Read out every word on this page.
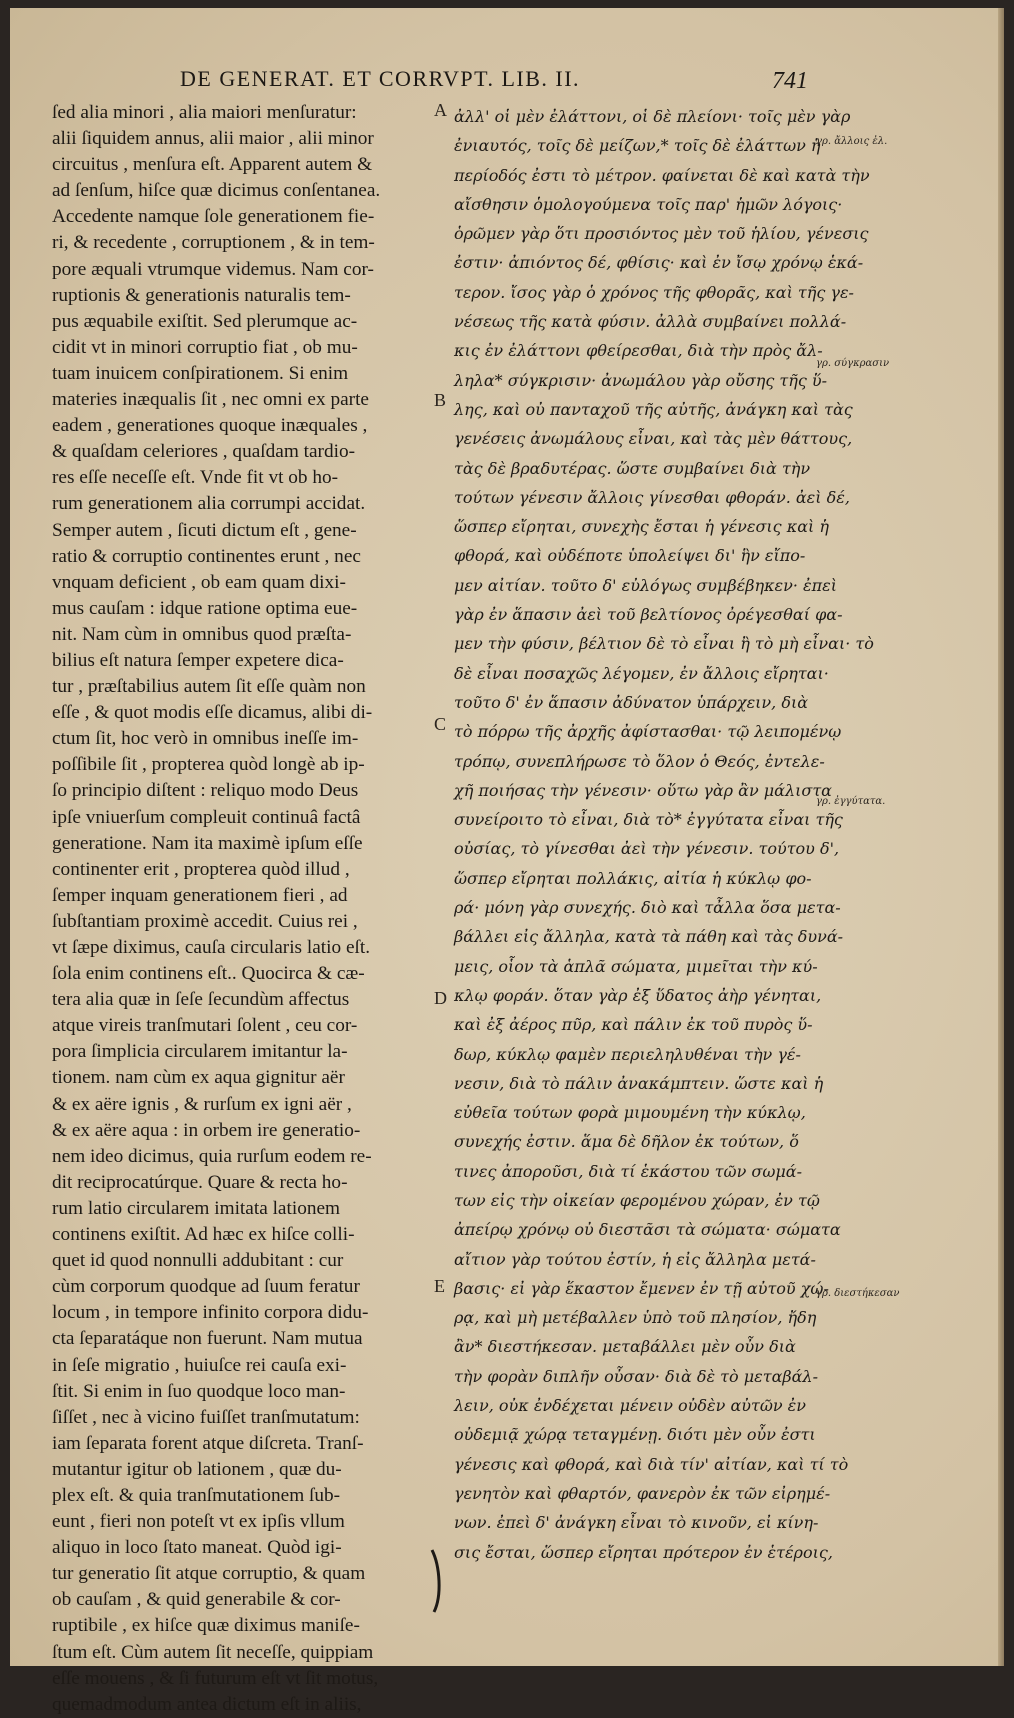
DE GENERAT. ET CORRVPT. LIB. II.	741
ſed alia minori , alia maiori menſuratur:
alii ſiquidem annus, alii maior , alii minor
circuitus , menſura eſt. Apparent autem &
ad ſenſum, hiſce quæ dicimus conſentanea.
Accedente namque ſole generationem fie-
ri, & recedente , corruptionem , & in tem-
pore æquali vtrumque videmus. Nam cor-
ruptionis & generationis naturalis tem-
pus æquabile exiſtit. Sed plerumque ac-
cidit vt in minori corruptio fiat , ob mu-
tuam inuicem conſpirationem. Si enim
materies inæqualis ſit , nec omni ex parte
eadem , generationes quoque inæquales ,
& quaſdam celeriores , quaſdam tardio-
res eſſe neceſſe eſt. Vnde fit vt ob ho-
rum generationem alia corrumpi accidat.
Semper autem , ſicuti dictum eſt , gene-
ratio & corruptio continentes erunt , nec
vnquam deficient , ob eam quam dixi-
mus cauſam : idque ratione optima eue-
nit. Nam cùm in omnibus quod præſta-
bilius eſt natura ſemper expetere dica-
tur , præſtabilius autem ſit eſſe quàm non
eſſe , & quot modis eſſe dicamus, alibi di-
ctum ſit, hoc verò in omnibus ineſſe im-
poſſibile ſit , propterea quòd longè ab ip-
ſo principio diſtent : reliquo modo Deus
ipſe vniuerſum compleuit continuâ factâ
generatione. Nam ita maximè ipſum eſſe
continenter erit , propterea quòd illud ,
ſemper inquam generationem fieri , ad
ſubſtantiam proximè accedit. Cuius rei ,
vt ſæpe diximus, cauſa circularis latio eſt.
ſola enim continens eſt.. Quocirca & cæ-
tera alia quæ in ſeſe ſecundùm affectus
atque vireis tranſmutari ſolent , ceu cor-
pora ſimplicia circularem imitantur la-
tionem. nam cùm ex aqua gignitur aër
& ex aëre ignis , & rurſum ex igni aër ,
& ex aëre aqua : in orbem ire generatio-
nem ideo dicimus, quia rurſum eodem re-
dit reciprocatúrque. Quare & recta ho-
rum latio circularem imitata lationem
continens exiſtit. Ad hæc ex hiſce colli-
quet id quod nonnulli addubitant : cur
cùm corporum quodque ad ſuum feratur
locum , in tempore infinito corpora didu-
cta ſeparatáque non fuerunt. Nam mutua
in ſeſe migratio , huiuſce rei cauſa exi-
ſtit. Si enim in ſuo quodque loco man-
ſiſſet , nec à vicino fuiſſet tranſmutatum:
iam ſeparata forent atque diſcreta. Tranſ-
mutantur igitur ob lationem , quæ du-
plex eſt. & quia tranſmutationem ſub-
eunt , fieri non poteſt vt ex ipſis vllum
aliquo in loco ſtato maneat. Quòd igi-
tur generatio ſit atque corruptio, & quam
ob cauſam , & quid generabile & cor-
ruptibile , ex hiſce quæ diximus maniſe-
ſtum eſt. Cùm autem ſit neceſſe, quippiam
eſſe mouens , & ſi futurum eſt vt ſit motus,
quemadmodum antea dictum eſt in aliis,
ἀλλ' οἱ μὲν ἐλάττονι, οἱ δὲ πλείονι· τοῖς μὲν γὰρ
ἐνιαυτός, τοῖς δὲ μείζων,* τοῖς δὲ ἐλάττων ἡ
περίοδός ἐστι τὸ μέτρον. φαίνεται δὲ καὶ κατὰ τὴν
αἴσθησιν ὁμολογούμενα τοῖς παρ' ἡμῶν λόγοις·
ὁρῶμεν γὰρ ὅτι προσιόντος μὲν τοῦ ἡλίου, γένεσις
ἐστιν· ἀπιόντος δέ, φθίσις· καὶ ἐν ἴσῳ χρόνῳ ἑκά-
τερον. ἴσος γὰρ ὁ χρόνος τῆς φθορᾶς, καὶ τῆς γε-
νέσεως τῆς κατὰ φύσιν. ἀλλὰ συμβαίνει πολλά-
κις ἐν ἐλάττονι φθείρεσθαι, διὰ τὴν πρὸς ἄλ-
ληλα* σύγκρισιν· ἀνωμάλου γὰρ οὔσης τῆς ὕ-
λης, καὶ οὐ πανταχοῦ τῆς αὐτῆς, ἀνάγκη καὶ τὰς
γενέσεις ἀνωμάλους εἶναι, καὶ τὰς μὲν θάττους,
τὰς δὲ βραδυτέρας. ὥστε συμβαίνει διὰ τὴν
τούτων γένεσιν ἄλλοις γίνεσθαι φθοράν. ἀεὶ δέ,
ὥσπερ εἴρηται, συνεχὴς ἔσται ἡ γένεσις καὶ ἡ
φθορά, καὶ οὐδέποτε ὑπολείψει δι' ἣν εἴπο-
μεν αἰτίαν. τοῦτο δ' εὐλόγως συμβέβηκεν· ἐπεὶ
γὰρ ἐν ἅπασιν ἀεὶ τοῦ βελτίονος ὀρέγεσθαί φα-
μεν τὴν φύσιν, βέλτιον δὲ τὸ εἶναι ἢ τὸ μὴ εἶναι· τὸ
δὲ εἶναι ποσαχῶς λέγομεν, ἐν ἄλλοις εἴρηται·
τοῦτο δ' ἐν ἅπασιν ἀδύνατον ὑπάρχειν, διὰ
τὸ πόρρω τῆς ἀρχῆς ἀφίστασθαι· τῷ λειπομένῳ
τρόπῳ, συνεπλήρωσε τὸ ὅλον ὁ Θεός, ἐντελε-
χῆ ποιήσας τὴν γένεσιν· οὕτω γὰρ ἂν μάλιστα
συνείροιτο τὸ εἶναι, διὰ τὸ* ἐγγύτατα εἶναι τῆς
οὐσίας, τὸ γίνεσθαι ἀεὶ τὴν γένεσιν. τούτου δ',
ὥσπερ εἴρηται πολλάκις, αἰτία ἡ κύκλῳ φο-
ρά· μόνη γὰρ συνεχής. διὸ καὶ τἆλλα ὅσα μετα-
βάλλει εἰς ἄλληλα, κατὰ τὰ πάθη καὶ τὰς δυνά-
μεις, οἷον τὰ ἁπλᾶ σώματα, μιμεῖται τὴν κύ-
κλῳ φοράν. ὅταν γὰρ ἐξ ὕδατος ἀὴρ γένηται,
καὶ ἐξ ἀέρος πῦρ, καὶ πάλιν ἐκ τοῦ πυρὸς ὕ-
δωρ, κύκλῳ φαμὲν περιεληλυθέναι τὴν γέ-
νεσιν, διὰ τὸ πάλιν ἀνακάμπτειν. ὥστε καὶ ἡ
εὐθεῖα τούτων φορὰ μιμουμένη τὴν κύκλῳ,
συνεχής ἐστιν. ἅμα δὲ δῆλον ἐκ τούτων, ὅ
τινες ἀποροῦσι, διὰ τί ἑκάστου τῶν σωμά-
των εἰς τὴν οἰκείαν φερομένου χώραν, ἐν τῷ
ἀπείρῳ χρόνῳ οὐ διεστᾶσι τὰ σώματα· σώματα
αἴτιον γὰρ τούτου ἐστίν, ἡ εἰς ἄλληλα μετά-
βασις· εἰ γὰρ ἕκαστον ἔμενεν ἐν τῇ αὐτοῦ χώ-
ρᾳ, καὶ μὴ μετέβαλλεν ὑπὸ τοῦ πλησίον, ἤδη
ἂν* διεστήκεσαν. μεταβάλλει μὲν οὖν διὰ
τὴν φορὰν διπλῆν οὖσαν· διὰ δὲ τὸ μεταβάλ-
λειν, οὐκ ἐνδέχεται μένειν οὐδὲν αὐτῶν ἐν
οὐδεμιᾷ χώρᾳ τεταγμένῃ. διότι μὲν οὖν ἐστι
γένεσις καὶ φθορά, καὶ διὰ τίν' αἰτίαν, καὶ τί τὸ
γενητὸν καὶ φθαρτόν, φανερὸν ἐκ τῶν εἰρημέ-
νων. ἐπεὶ δ' ἀνάγκη εἶναι τὸ κινοῦν, εἰ κίνη-
σις ἔσται, ὥσπερ εἴρηται πρότερον ἐν ἑτέροις,
A
B
C
D
E
γρ. ἄλλοις ἐλ.
γρ. σύγκρασιν
γρ. ἐγγύτατα.
γρ. διεστήκεσαν
